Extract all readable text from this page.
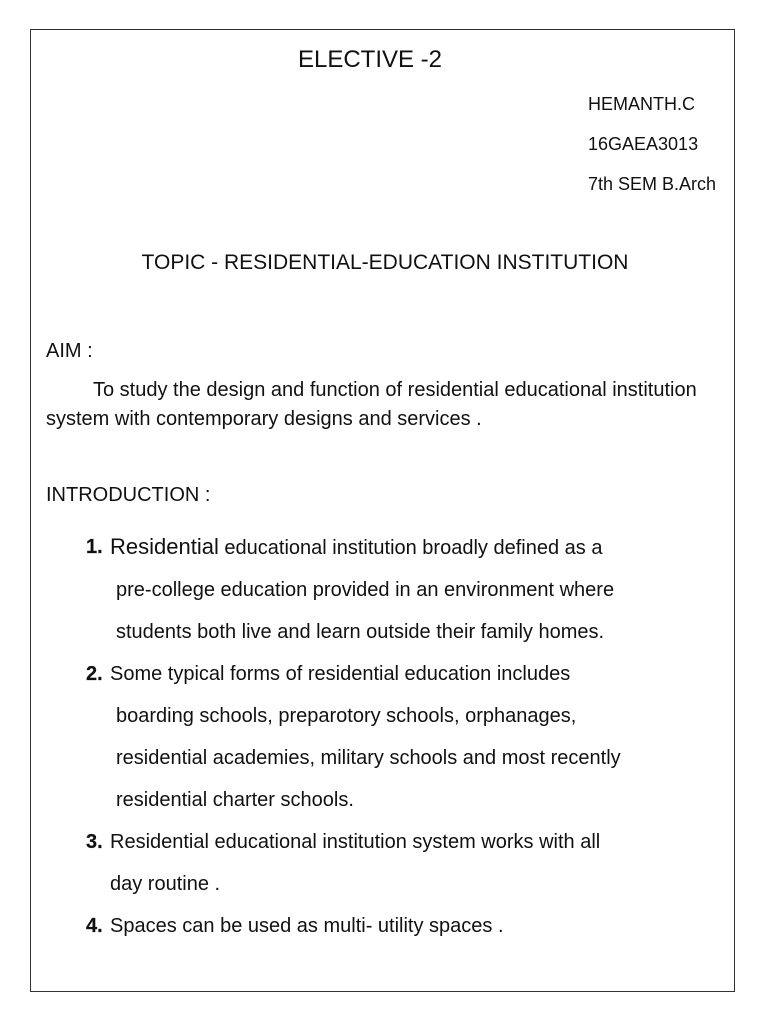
ELECTIVE -2
HEMANTH.C
16GAEA3013
7th SEM B.Arch
TOPIC - RESIDENTIAL-EDUCATION INSTITUTION
AIM :
To study the design and function of residential educational institution system with contemporary designs and services .
INTRODUCTION :
1. Residential educational institution broadly defined as a
pre-college education provided in an environment where
students both live and learn outside their family homes.
2. Some typical forms of residential education includes
boarding schools, preparotory schools, orphanages,
residential academies, military schools and most recently
residential charter schools.
3. Residential educational institution system works with all
day routine .
4. Spaces can be used as multi- utility spaces .
